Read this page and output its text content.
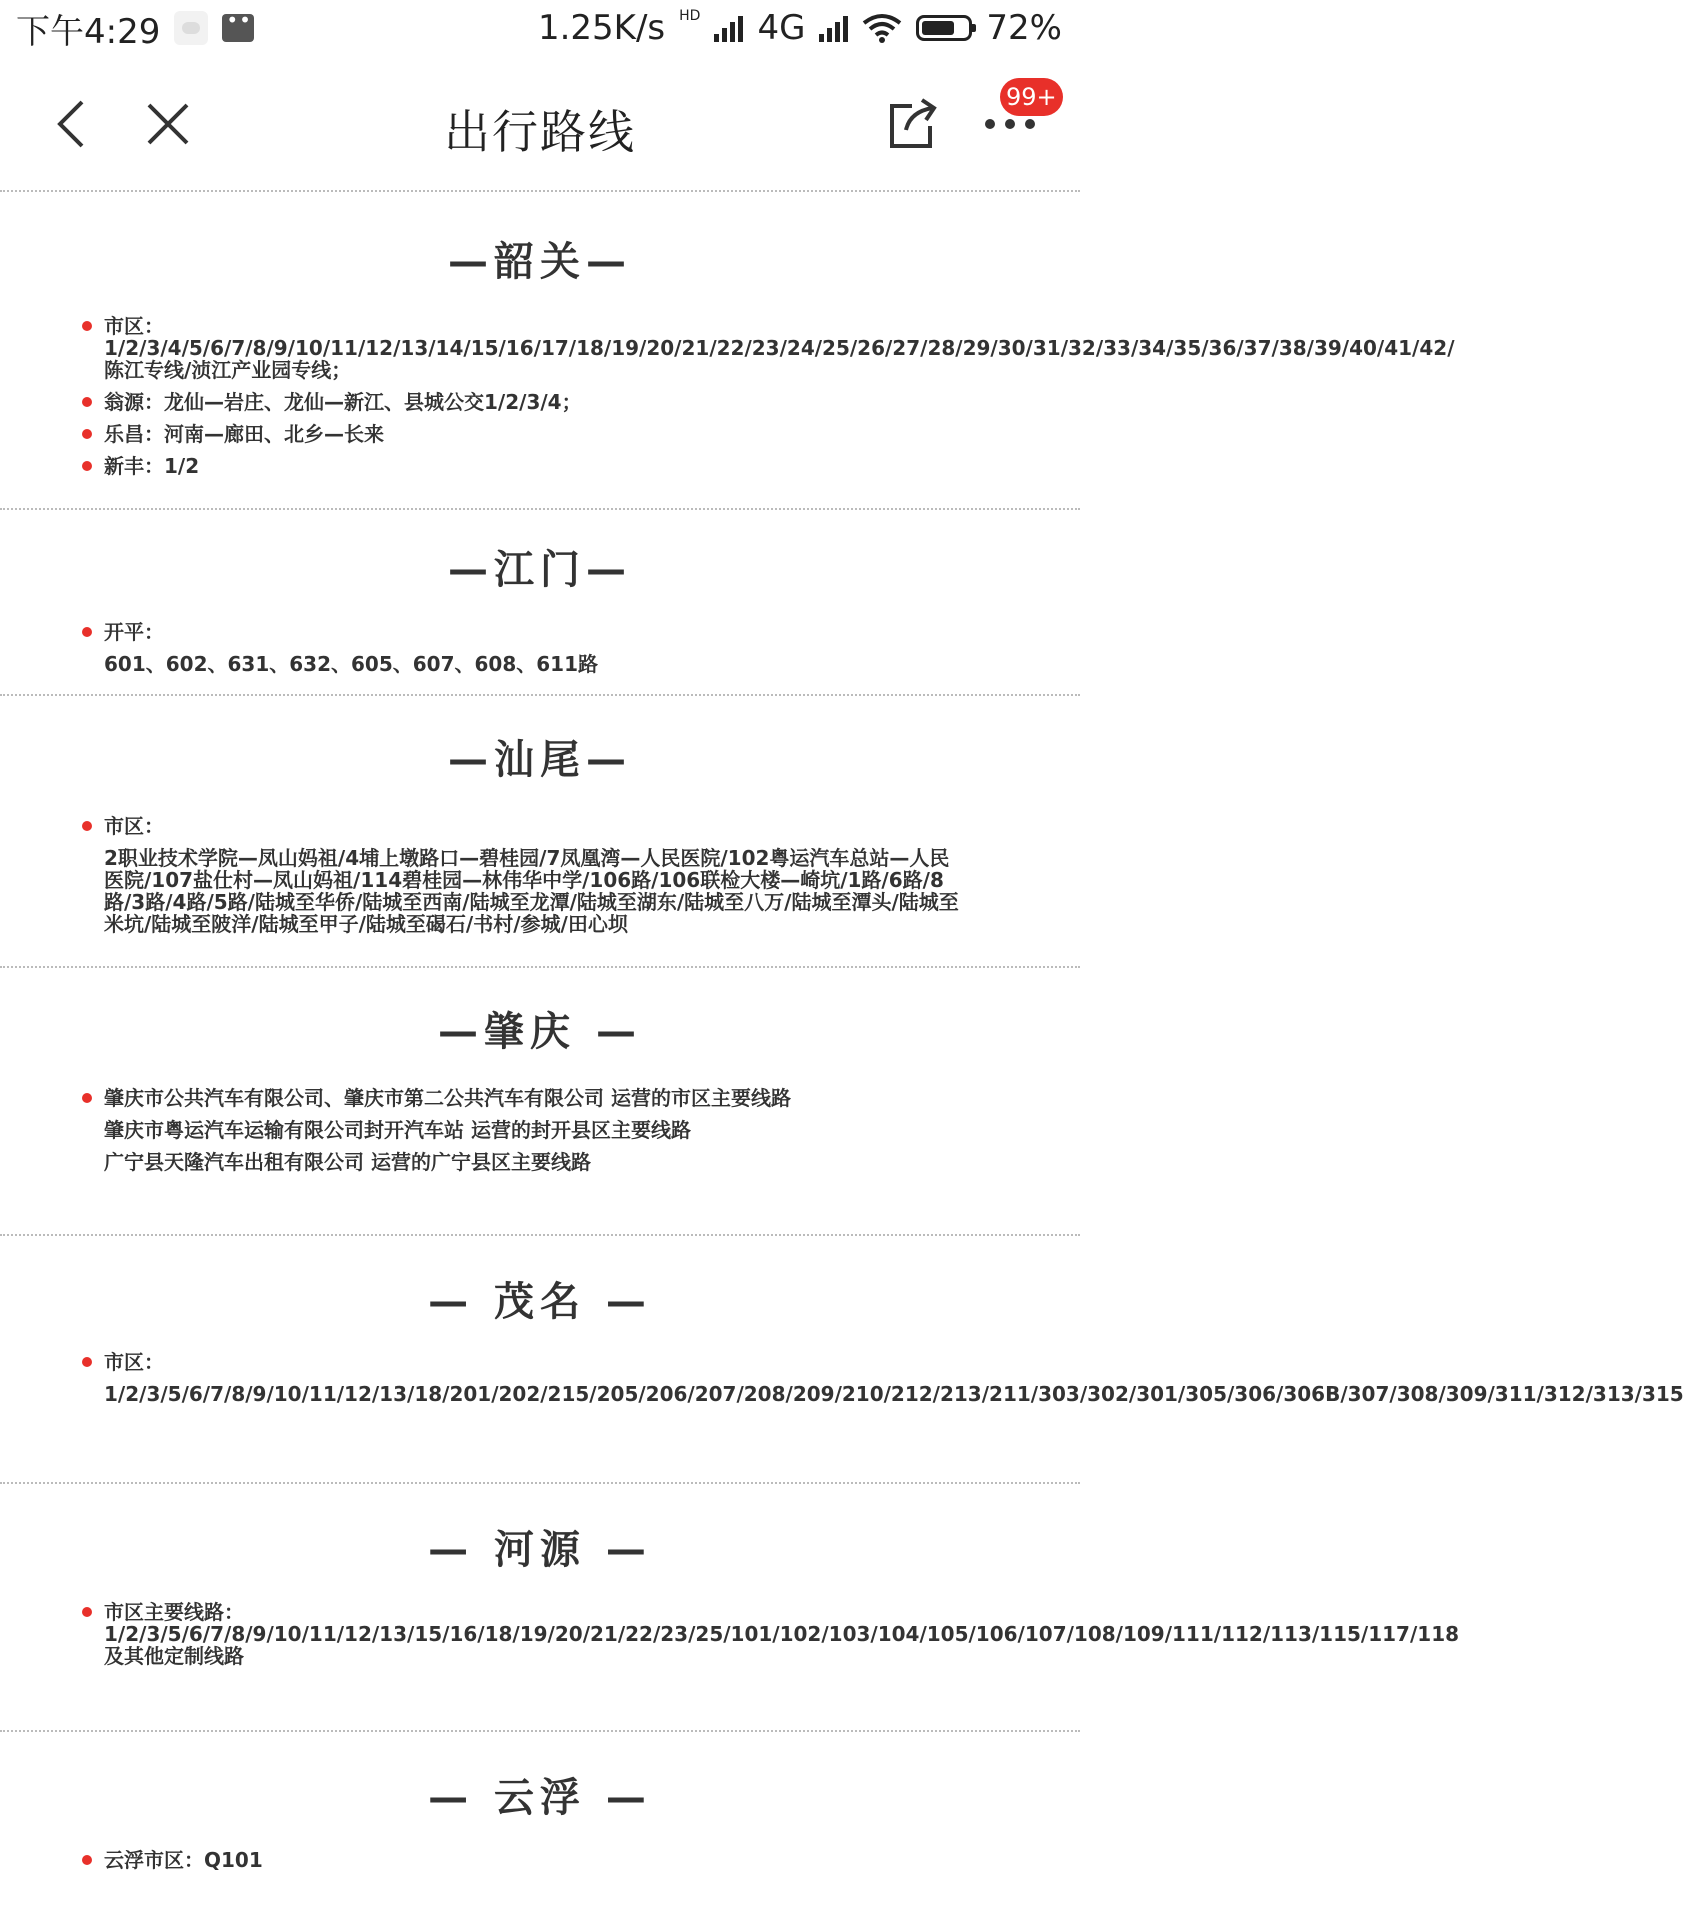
下午4:29
•••	1.25K/s HD 4G	72%
出行路线
99+
—韶关—
市区：
1/2/3/4/5/6/7/8/9/10/11/12/13/14/15/16/17/18/19/20/21/22/23/24/25/26/27/28/29/30/31/32/33/34/35/36/37/38/39/40/41/42/陈江专线/浈江产业园专线；
翁源：龙仙—岩庄、龙仙—新江、县城公交1/2/3/4；
乐昌：河南—廊田、北乡—长来
新丰：1/2
—江门—
开平：
601、602、631、632、605、607、608、611路
—汕尾—
市区：
2职业技术学院—凤山妈祖/4埔上墩路口—碧桂园/7凤凰湾—人民医院/102粤运汽车总站—人民医院/107盐仕村—凤山妈祖/114碧桂园—林伟华中学/106路/106联检大楼—崎坑/1路/6路/8路/3路/4路/5路/陆城至华侨/陆城至西南/陆城至龙潭/陆城至湖东/陆城至八万/陆城至潭头/陆城至米坑/陆城至陂洋/陆城至甲子/陆城至碣石/书村/参城/田心坝
—肇庆 —
肇庆市公共汽车有限公司、肇庆市第二公共汽车有限公司 运营的市区主要线路
肇庆市粤运汽车运输有限公司封开汽车站 运营的封开县区主要线路
广宁县天隆汽车出租有限公司 运营的广宁县区主要线路
— 茂名 —
市区：
1/2/3/5/6/7/8/9/10/11/12/13/18/201/202/215/205/206/207/208/209/210/212/213/211/303/302/301/305/306/306B/307/308/309/311/312/313/315
— 河源 —
市区主要线路：
1/2/3/5/6/7/8/9/10/11/12/13/15/16/18/19/20/21/22/23/25/101/102/103/104/105/106/107/108/109/111/112/113/115/117/118及其他定制线路
— 云浮 —
云浮市区：Q101
